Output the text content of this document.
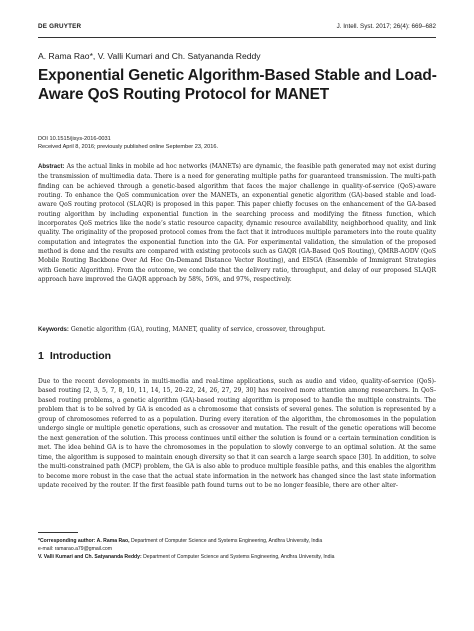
DE GRUYTER	J. Intell. Syst. 2017; 26(4): 669–682
A. Rama Rao*, V. Valli Kumari and Ch. Satyananda Reddy
Exponential Genetic Algorithm-Based Stable and Load-Aware QoS Routing Protocol for MANET
DOI 10.1515/jisys-2016-0031
Received April 8, 2016; previously published online September 23, 2016.

Abstract: As the actual links in mobile ad hoc networks (MANETs) are dynamic, the feasible path generated may not exist during the transmission of multimedia data. There is a need for generating multiple paths for guaranteed transmission. The multi-path finding can be achieved through a genetic-based algorithm that faces the major challenge in quality-of-service (QoS)-aware routing. To enhance the QoS communication over the MANETs, an exponential genetic algorithm (GA)-based stable and load-aware QoS routing protocol (SLAQR) is proposed in this paper. This paper chiefly focuses on the enhancement of the GA-based routing algorithm by including exponential function in the searching process and modifying the fitness function, which incorporates QoS metrics like the node’s static resource capacity, dynamic resource availability, neighborhood quality, and link quality. The originality of the proposed protocol comes from the fact that it introduces multiple parameters into the route quality computation and integrates the exponential function into the GA. For experimental validation, the simulation of the proposed method is done and the results are compared with existing protocols such as GAQR (GA-Based QoS Routing), QMRB-AODV (QoS Mobile Routing Backbone Over Ad Hoc On-Demand Distance Vector Routing), and EISGA (Ensemble of Immigrant Strategies with Genetic Algorithm). From the outcome, we conclude that the delivery ratio, throughput, and delay of our proposed SLAQR approach have improved the GAQR approach by 58%, 56%, and 97%, respectively.

Keywords: Genetic algorithm (GA), routing, MANET, quality of service, crossover, throughput.

1 Introduction

Due to the recent developments in multi-media and real-time applications, such as audio and video, quality-of-service (QoS)-based routing [2, 3, 5, 7, 8, 10, 11, 14, 15, 20–22, 24, 26, 27, 29, 30] has received more attention among researchers. In QoS-based routing problems, a genetic algorithm (GA)-based routing algorithm is proposed to handle the multiple constraints. The problem that is to be solved by GA is encoded as a chromosome that consists of several genes. The solution is represented by a group of chromosomes referred to as a population. During every iteration of the algorithm, the chromosomes in the population undergo single or multiple genetic operations, such as crossover and mutation. The result of the genetic operations will become the next generation of the solution. This process continues until either the solution is found or a certain termination condition is met. The idea behind GA is to have the chromosomes in the population to slowly converge to an optimal solution. At the same time, the algorithm is supposed to maintain enough diversity so that it can search a large search space [30]. In addition, to solve the multi-constrained path (MCP) problem, the GA is also able to produce multiple feasible paths, and this enables the algorithm to become more robust in the case that the actual state information in the network has changed since the last state information update received by the router. If the first feasible path found turns out to be no longer feasible, there are other alter-

*Corresponding author: A. Rama Rao, Department of Computer Science and Systems Engineering, Andhra University, India
e-mail: ramarao.a79@gmail.com
V. Valli Kumari and Ch. Satyananda Reddy: Department of Computer Science and Systems Engineering, Andhra University, India
